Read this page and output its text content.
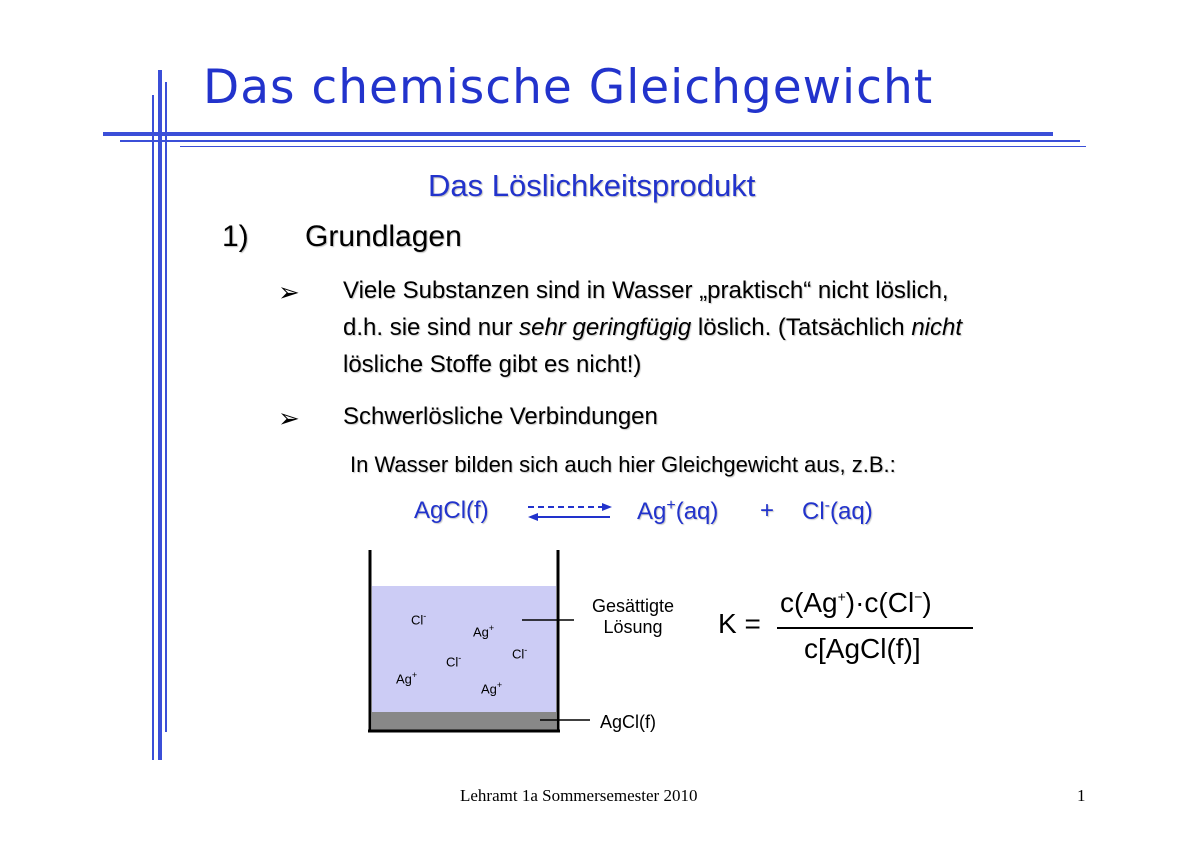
Das chemische Gleichgewicht
Das Löslichkeitsprodukt
1) Grundlagen
➢ Viele Substanzen sind in Wasser „praktisch“ nicht löslich,
d.h. sie sind nur sehr geringfügig löslich. (Tatsächlich nicht
lösliche Stoffe gibt es nicht!)
➢ Schwerlösliche Verbindungen
In Wasser bilden sich auch hier Gleichgewicht aus, z.B.:
AgCl(f)	Ag+(aq) + Cl-(aq)
Cl-
Ag+
Cl-
Cl-
Ag+
Ag+
Gesättigte
Lösung
AgCl(f)
K =
c(Ag+)·c(Cl−)
c[AgCl(f)]
Lehramt 1a Sommersemester 2010	1
